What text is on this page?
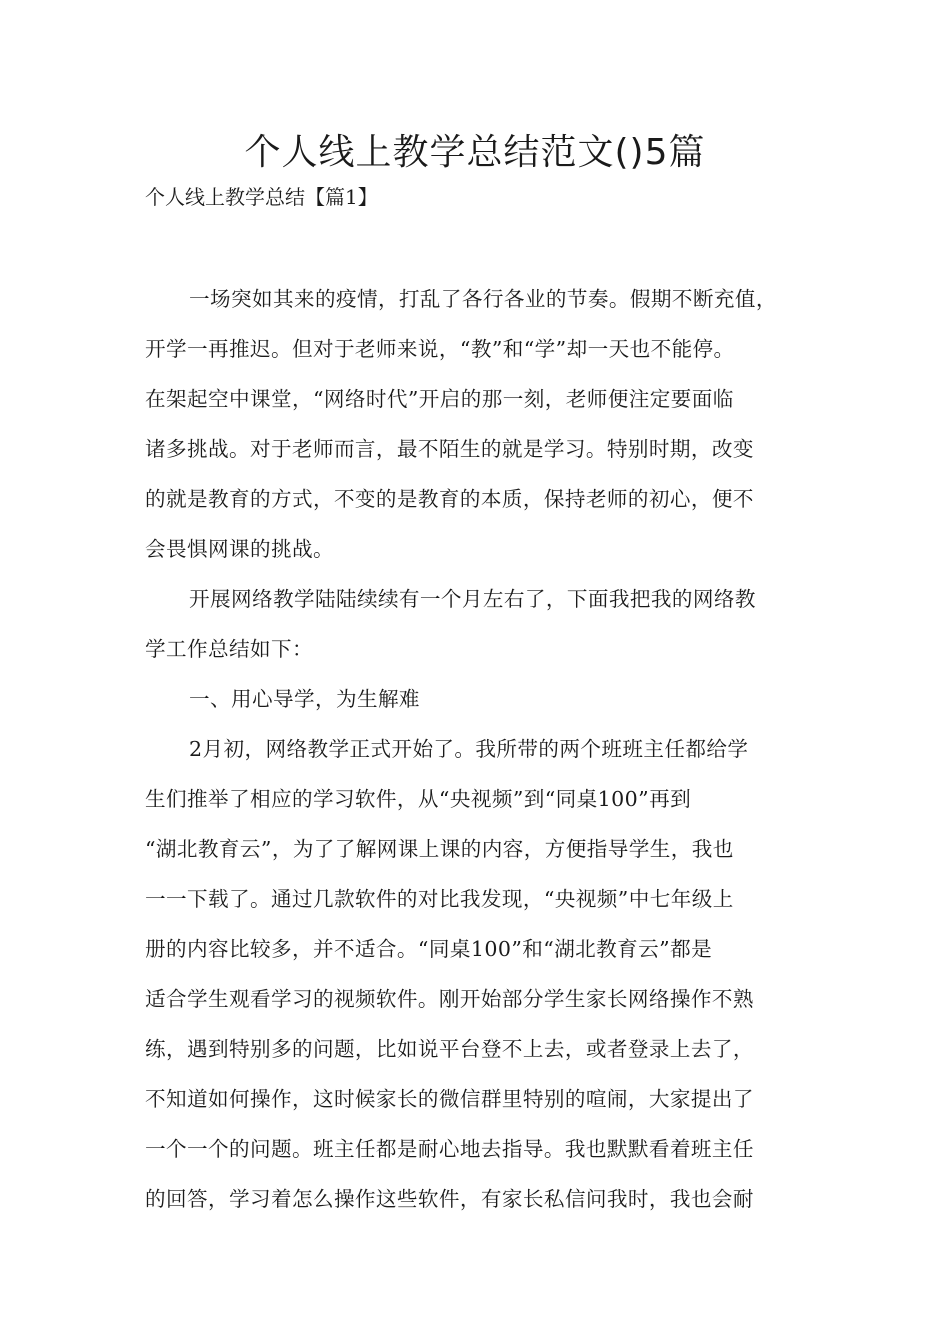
个人线上教学总结范文()5篇
个人线上教学总结【篇1】
一场突如其来的疫情，打乱了各行各业的节奏。假期不断充值，
开学一再推迟。但对于老师来说，“教”和“学”却一天也不能停。
在架起空中课堂，“网络时代”开启的那一刻，老师便注定要面临
诸多挑战。对于老师而言，最不陌生的就是学习。特别时期，改变
的就是教育的方式，不变的是教育的本质，保持老师的初心，便不
会畏惧网课的挑战。
开展网络教学陆陆续续有一个月左右了，下面我把我的网络教
学工作总结如下：
一、用心导学，为生解难
2月初，网络教学正式开始了。我所带的两个班班主任都给学
生们推举了相应的学习软件，从“央视频”到“同桌100”再到
“湖北教育云”，为了了解网课上课的内容，方便指导学生，我也
一一下载了。通过几款软件的对比我发现，“央视频”中七年级上
册的内容比较多，并不适合。“同桌100”和“湖北教育云”都是
适合学生观看学习的视频软件。刚开始部分学生家长网络操作不熟
练，遇到特别多的问题，比如说平台登不上去，或者登录上去了，
不知道如何操作，这时候家长的微信群里特别的喧闹，大家提出了
一个一个的问题。班主任都是耐心地去指导。我也默默看着班主任
的回答，学习着怎么操作这些软件，有家长私信问我时，我也会耐
